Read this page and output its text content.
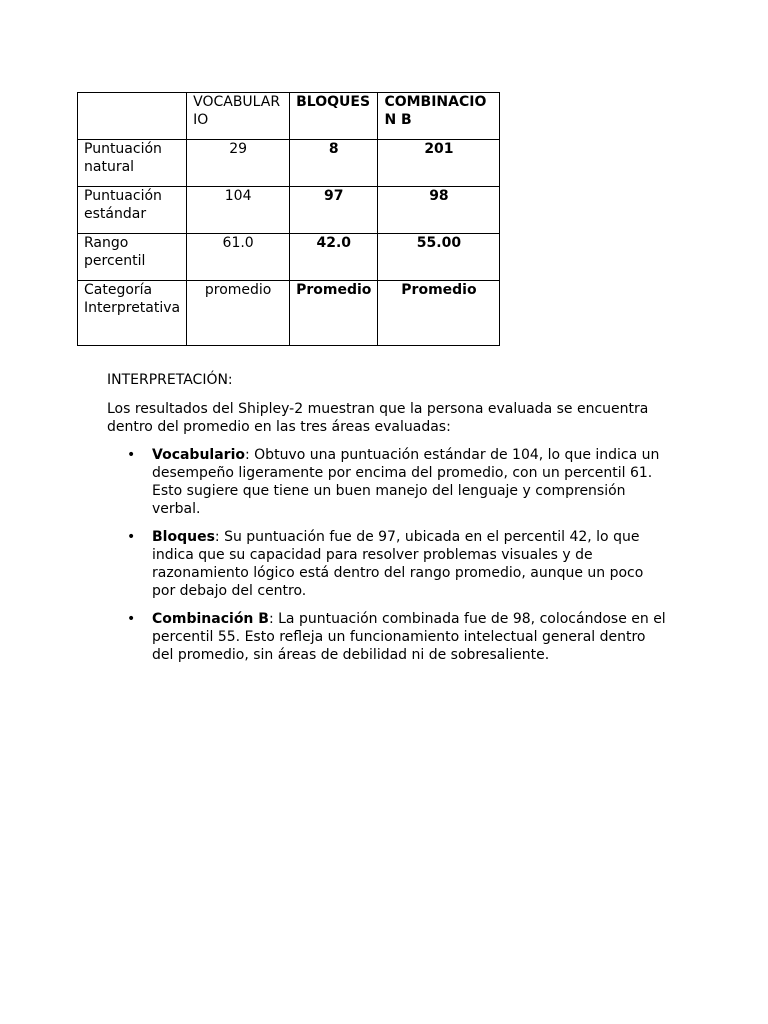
	VOCABULARIO	BLOQUES	COMBINACION B
Puntuación natural	29	8	201
Puntuación estándar	104	97	98
Rango percentil	61.0	42.0	55.00
Categoría Interpretativa	promedio	Promedio	Promedio

INTERPRETACIÓN:

Los resultados del Shipley-2 muestran que la persona evaluada se encuentra dentro del promedio en las tres áreas evaluadas:

• Vocabulario: Obtuvo una puntuación estándar de 104, lo que indica un desempeño ligeramente por encima del promedio, con un percentil 61. Esto sugiere que tiene un buen manejo del lenguaje y comprensión verbal.
• Bloques: Su puntuación fue de 97, ubicada en el percentil 42, lo que indica que su capacidad para resolver problemas visuales y de razonamiento lógico está dentro del rango promedio, aunque un poco por debajo del centro.
• Combinación B: La puntuación combinada fue de 98, colocándose en el percentil 55. Esto refleja un funcionamiento intelectual general dentro del promedio, sin áreas de debilidad ni de sobresaliente.
